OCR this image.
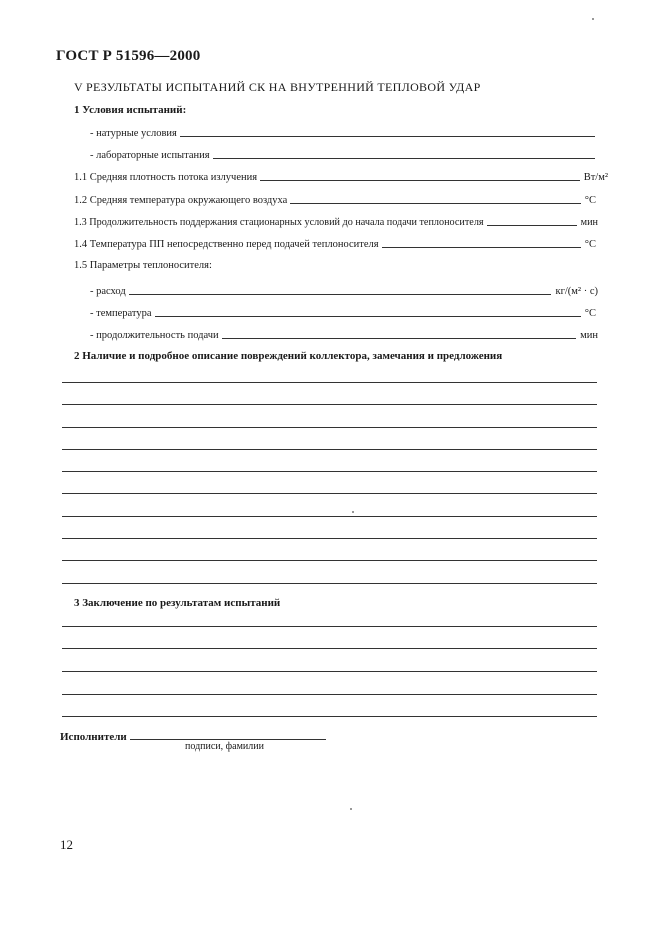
ГОСТ Р 51596—2000
V РЕЗУЛЬТАТЫ ИСПЫТАНИЙ СК НА ВНУТРЕННИЙ ТЕПЛОВОЙ УДАР
1 Условия испытаний:
- натурные условия
- лабораторные испытания
1.1 Средняя плотность потока излучения	Вт/м²
1.2 Средняя температура окружающего воздуха	°С
1.3 Продолжительность поддержания стационарных условий до начала подачи теплоносителя	мин
1.4 Температура ПП непосредственно перед подачей теплоносителя	°С
1.5 Параметры теплоносителя:
- расход	кг/(м² · с)
- температура	°С
- продолжительность подачи	мин
2 Наличие и подробное описание повреждений коллектора, замечания и предложения
3 Заключение по результатам испытаний
Исполнители
подписи, фамилии
12
